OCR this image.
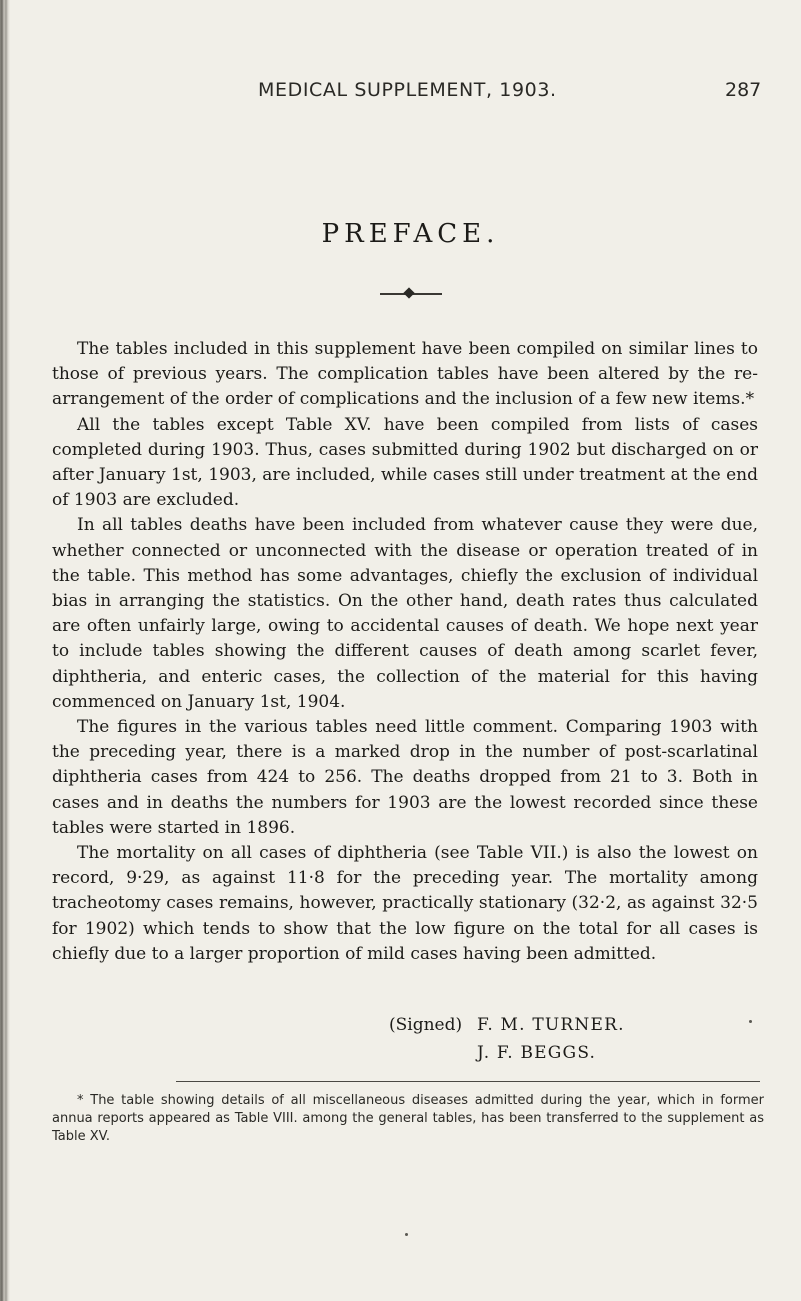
MEDICAL SUPPLEMENT, 1903.	287
PREFACE.

The tables included in this supplement have been compiled on similar lines to those of previous years. The complication tables have been altered by the re-arrangement of the order of complications and the inclusion of a few new items.*

All the tables except Table XV. have been compiled from lists of cases completed during 1903. Thus, cases submitted during 1902 but discharged on or after January 1st, 1903, are included, while cases still under treatment at the end of 1903 are excluded.

In all tables deaths have been included from whatever cause they were due, whether connected or unconnected with the disease or operation treated of in the table. This method has some advantages, chiefly the exclusion of individual bias in arranging the statistics. On the other hand, death rates thus calculated are often unfairly large, owing to accidental causes of death. We hope next year to include tables showing the different causes of death among scarlet fever, diphtheria, and enteric cases, the collection of the material for this having commenced on January 1st, 1904.

The figures in the various tables need little comment. Comparing 1903 with the preceding year, there is a marked drop in the number of post-scarlatinal diphtheria cases from 424 to 256. The deaths dropped from 21 to 3. Both in cases and in deaths the numbers for 1903 are the lowest recorded since these tables were started in 1896.

The mortality on all cases of diphtheria (see Table VII.) is also the lowest on record, 9·29, as against 11·8 for the preceding year. The mortality among tracheotomy cases remains, however, practically stationary (32·2, as against 32·5 for 1902) which tends to show that the low figure on the total for all cases is chiefly due to a larger proportion of mild cases having been admitted.

(Signed) F. M. TURNER.
J. F. BEGGS.
* The table showing details of all miscellaneous diseases admitted during the year, which in former annua reports appeared as Table VIII. among the general tables, has been transferred to the supplement as Table XV.
